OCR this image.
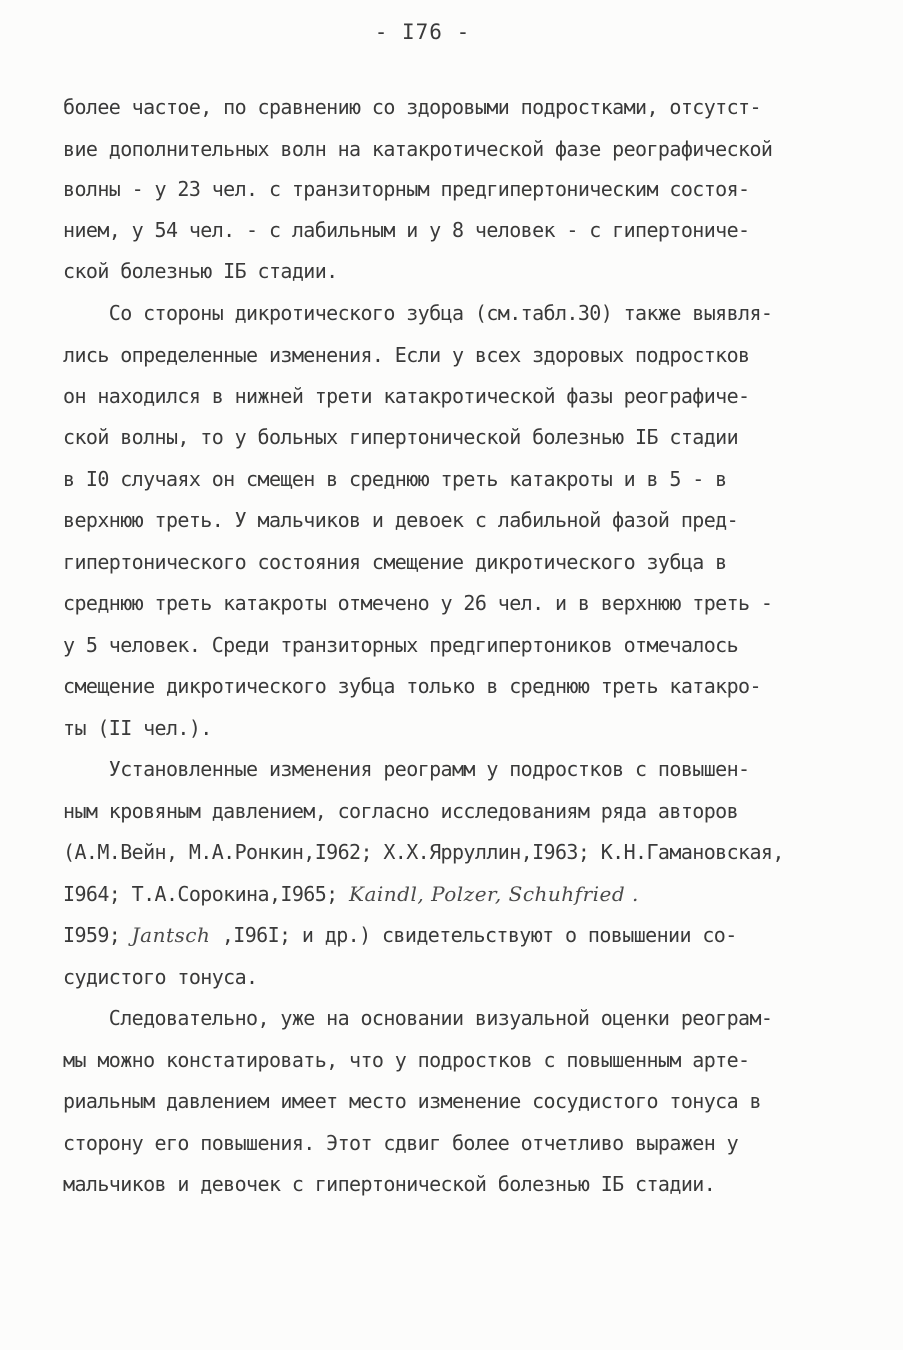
- I76 -
более частое, по сравнению со здоровыми подростками, отсутст-
вие дополнительных волн на катакротической фазе реографической
волны - у 23 чел. с транзиторным предгипертоническим состоя-
нием, у 54 чел. - с лабильным и у 8 человек - с гипертониче-
ской болезнью IБ стадии.
Со стороны дикротического зубца (см.табл.30) также выявля-
лись определенные изменения. Если у всех здоровых подростков
он находился в нижней трети катакротической фазы реографиче-
ской волны, то у больных гипертонической болезнью IБ стадии
в I0 случаях он смещен в среднюю треть катакроты и в 5 - в
верхнюю треть. У мальчиков и девоек с лабильной фазой пред-
гипертонического состояния смещение дикротического зубца в
среднюю треть катакроты отмечено у 26 чел. и в верхнюю треть -
у 5 человек. Среди транзиторных предгипертоников отмечалось
смещение дикротического зубца только в среднюю треть катакро-
ты (II чел.).
Установленные изменения реограмм у подростков с повышен-
ным кровяным давлением, согласно исследованиям ряда авторов
(А.М.Вейн, М.А.Ронкин,I962; Х.Х.Ярруллин,I963; К.Н.Гамановская,
I964; Т.А.Сорокина,I965; Kaindl, Polzer, Schuhfried .
I959; Jantsch ,I96I; и др.) свидетельствуют о повышении со-
судистого тонуса.
Следовательно, уже на основании визуальной оценки реограм-
мы можно констатировать, что у подростков с повышенным арте-
риальным давлением имеет место изменение сосудистого тонуса в
сторону его повышения. Этот сдвиг более отчетливо выражен у
мальчиков и девочек с гипертонической болезнью IБ стадии.
